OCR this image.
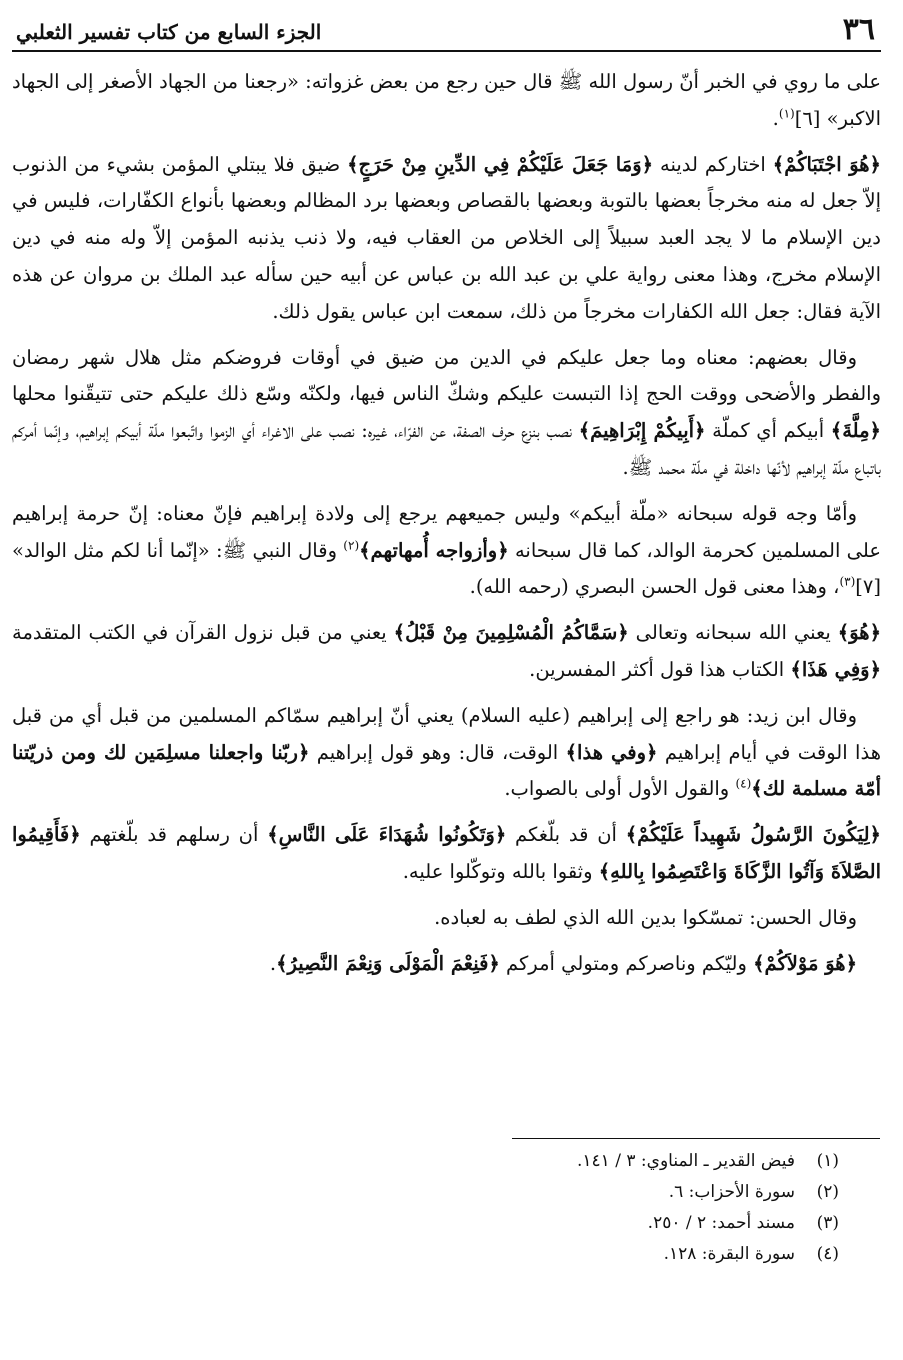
٣٦
الجزء السابع من كتاب تفسير الثعلبي

على ما روي في الخبر أنّ رسول الله ﷺ قال حين رجع من بعض غزواته: «رجعنا من الجهاد الأصغر إلى الجهاد الاكبر» [٦]$^{(١)}$.

﴿هُوَ اجْتَبَاكُمْ﴾ اختاركم لدينه ﴿وَمَا جَعَلَ عَلَيْكُمْ فِي الدِّينِ مِنْ حَرَجٍ﴾ ضيق فلا يبتلي المؤمن بشيء من الذنوب إلاّ جعل له منه مخرجاً بعضها بالتوبة وبعضها بالقصاص وبعضها برد المظالم وبعضها بأنواع الكفّارات، فليس في دين الإسلام ما لا يجد العبد سبيلاً إلى الخلاص من العقاب فيه، ولا ذنب يذنبه المؤمن إلاّ وله منه في دين الإسلام مخرج، وهذا معنى رواية علي بن عبد الله بن عباس عن أبيه حين سأله عبد الملك بن مروان عن هذه الآية فقال: جعل الله الكفارات مخرجاً من ذلك، سمعت ابن عباس يقول ذلك.

وقال بعضهم: معناه وما جعل عليكم في الدين من ضيق في أوقات فروضكم مثل هلال شهر رمضان والفطر والأضحى ووقت الحج إذا التبست عليكم وشكّ الناس فيها، ولكنّه وسّع ذلك عليكم حتى تتيقّنوا محلها ﴿مِلَّةَ﴾ أبيكم أي كملّة ﴿أَبِيكُمْ إِبْرَاهِيمَ﴾ نصب بنزع حرف الصفة، عن الفرّاء، غيره: نصب على الاغراء أي الزموا واتّبعوا ملّة أبيكم إبراهيم، وإنّما أمركم باتباع ملّة إبراهيم لأنّها داخلة في ملّة محمد ﷺ.

وأمّا وجه قوله سبحانه «ملّة أبيكم» وليس جميعهم يرجع إلى ولادة إبراهيم فإنّ معناه: إنّ حرمة إبراهيم على المسلمين كحرمة الوالد، كما قال سبحانه ﴿وأزواجه أُمهاتهم﴾$^{(٢)}$ وقال النبي ﷺ: «إنّما أنا لكم مثل الوالد» [٧]$^{(٣)}$، وهذا معنى قول الحسن البصري (رحمه الله).

﴿هُوَ﴾ يعني الله سبحانه وتعالى ﴿سَمَّاكُمُ الْمُسْلِمِينَ مِنْ قَبْلُ﴾ يعني من قبل نزول القرآن في الكتب المتقدمة ﴿وَفِي هَذَا﴾ الكتاب هذا قول أكثر المفسرين.

وقال ابن زيد: هو راجع إلى إبراهيم (عليه السلام) يعني أنّ إبراهيم سمّاكم المسلمين من قبل أي من قبل هذا الوقت في أيام إبراهيم ﴿وفي هذا﴾ الوقت، قال: وهو قول إبراهيم ﴿ربّنا واجعلنا مسلِمَين لك ومن ذريّتنا أمّة مسلمة لك﴾$^{(٤)}$ والقول الأول أولى بالصواب.

﴿لِيَكُونَ الرَّسُولُ شَهِيداً عَلَيْكُمْ﴾ أن قد بلّغكم ﴿وَتَكُونُوا شُهَدَاءَ عَلَى النَّاسِ﴾ أن رسلهم قد بلّغتهم ﴿فَأَقِيمُوا الصَّلاَةَ وَآتُوا الزَّكَاةَ وَاعْتَصِمُوا بِاللهِ﴾ وثقوا بالله وتوكّلوا عليه.

وقال الحسن: تمسّكوا بدين الله الذي لطف به لعباده.

﴿هُوَ مَوْلاَكُمْ﴾ وليّكم وناصركم ومتولي أمركم ﴿فَنِعْمَ الْمَوْلَى وَنِعْمَ النَّصِيرُ﴾.

(١)
فيض القدير ـ المناوي: ٣ / ١٤١.
(٢)
سورة الأحزاب: ٦.
(٣)
مسند أحمد: ٢ / ٢٥٠.
(٤)
سورة البقرة: ١٢٨.
